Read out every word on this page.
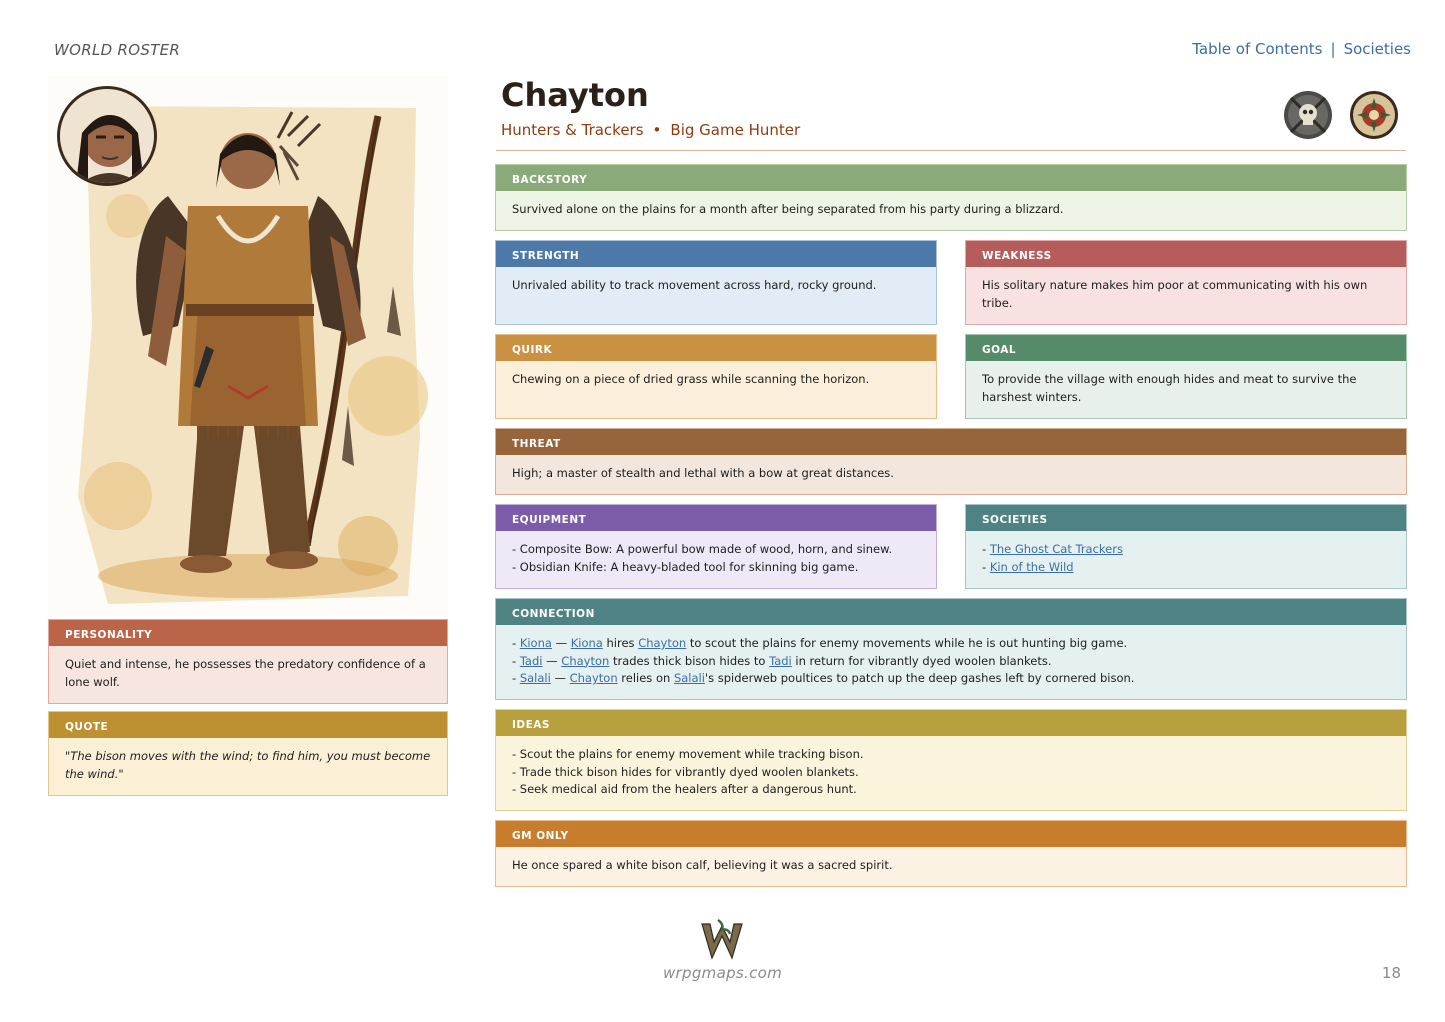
WORLD ROSTER	Table of Contents | Societies
Chayton
Hunters & Trackers • Big Game Hunter
PERSONALITY
Quiet and intense, he possesses the predatory confidence of a lone wolf.
QUOTE
"The bison moves with the wind; to find him, you must become the wind."
BACKSTORY
Survived alone on the plains for a month after being separated from his party during a blizzard.
STRENGTH
Unrivaled ability to track movement across hard, rocky ground.
WEAKNESS
His solitary nature makes him poor at communicating with his own tribe.
QUIRK
Chewing on a piece of dried grass while scanning the horizon.
GOAL
To provide the village with enough hides and meat to survive the harshest winters.
THREAT
High; a master of stealth and lethal with a bow at great distances.
EQUIPMENT
- Composite Bow: A powerful bow made of wood, horn, and sinew.
- Obsidian Knife: A heavy-bladed tool for skinning big game.
SOCIETIES
- The Ghost Cat Trackers
- Kin of the Wild
CONNECTION
- Kiona — Kiona hires Chayton to scout the plains for enemy movements while he is out hunting big game.
- Tadi — Chayton trades thick bison hides to Tadi in return for vibrantly dyed woolen blankets.
- Salali — Chayton relies on Salali's spiderweb poultices to patch up the deep gashes left by cornered bison.
IDEAS
- Scout the plains for enemy movement while tracking bison.
- Trade thick bison hides for vibrantly dyed woolen blankets.
- Seek medical aid from the healers after a dangerous hunt.
GM ONLY
He once spared a white bison calf, believing it was a sacred spirit.
wrpgmaps.com	18
